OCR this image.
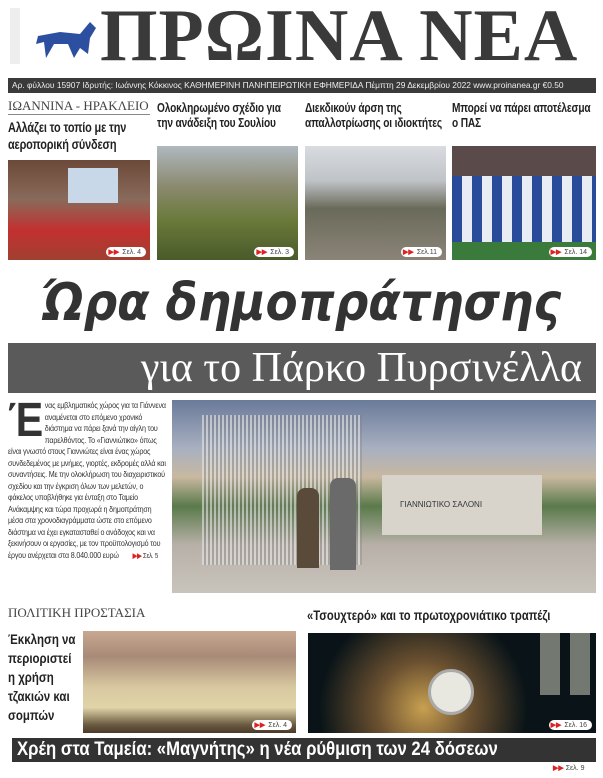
ΠΡΩΙΝΑ ΝΕΑ
Αρ. φύλλου 15907 Ιδρυτής: Ιωάννης Κόκκινος ΚΑΘΗΜΕΡΙΝΗ ΠΑΝΗΠΕΙΡΩΤΙΚΗ ΕΦΗΜΕΡΙΔΑ Πέμπτη 29 Δεκεμβρίου 2022 www.proinanea.gr €0.50
ΙΩΑΝΝΙΝΑ - ΗΡΑΚΛΕΙΟ
Αλλάζει το τοπίο με την αεροπορική σύνδεση
▶▶ Σελ. 4
Ολοκληρωμένο σχέδιο για την ανάδειξη του Σουλίου
▶▶ Σελ. 3
Διεκδικούν άρση της απαλλοτρίωσης οι ιδιοκτήτες
▶▶ Σελ.11
Μπορεί να πάρει αποτέλεσμα ο ΠΑΣ
▶▶ Σελ. 14
Ώρα δημοπράτησης
για το Πάρκο Πυρσινέλλα
Ένας εμβληματικός χώρος για τα Γιάννενα αναμένεται στο επόμενο χρονικό διάστημα να πάρει ξανά την αίγλη του παρελθόντος. Το «Γιαννιώτικο» όπως είναι γνωστό στους Γιαννιώτες είναι ένας χώρος συνδεδεμένος με μνήμες, γιορτές, εκδρομές αλλά και συναντήσεις. Με την ολοκλήρωση του διαχειριστικού σχεδίου και την έγκριση όλων των μελετών, ο φάκελος υποβλήθηκε για ένταξη στο Ταμείο Ανάκαμψης και τώρα προχωρά η δημοπράτηση μέσα στα χρονοδιαγράμματα ώστε στο επόμενο διάστημα να έχει εγκατασταθεί ο ανάδοχος και να ξεκινήσουν οι εργασίες, με τον προϋπολογισμό του έργου ανέρχεται στα 8.040.000 ευρώ ▶▶ Σελ. 5
ΓΙΑΝΝΙΩΤΙΚΟ ΣΑΛΟΝΙ
ΠΟΛΙΤΙΚΗ ΠΡΟΣΤΑΣΙΑ
Έκκληση να περιοριστεί η χρήση τζακιών και σομπών
▶▶ Σελ. 4
«Τσουχτερό» και το πρωτοχρονιάτικο τραπέζι
▶▶ Σελ. 16
Χρέη στα Ταμεία: «Μαγνήτης» η νέα ρύθμιση των 24 δόσεων
▶▶ Σελ. 9
